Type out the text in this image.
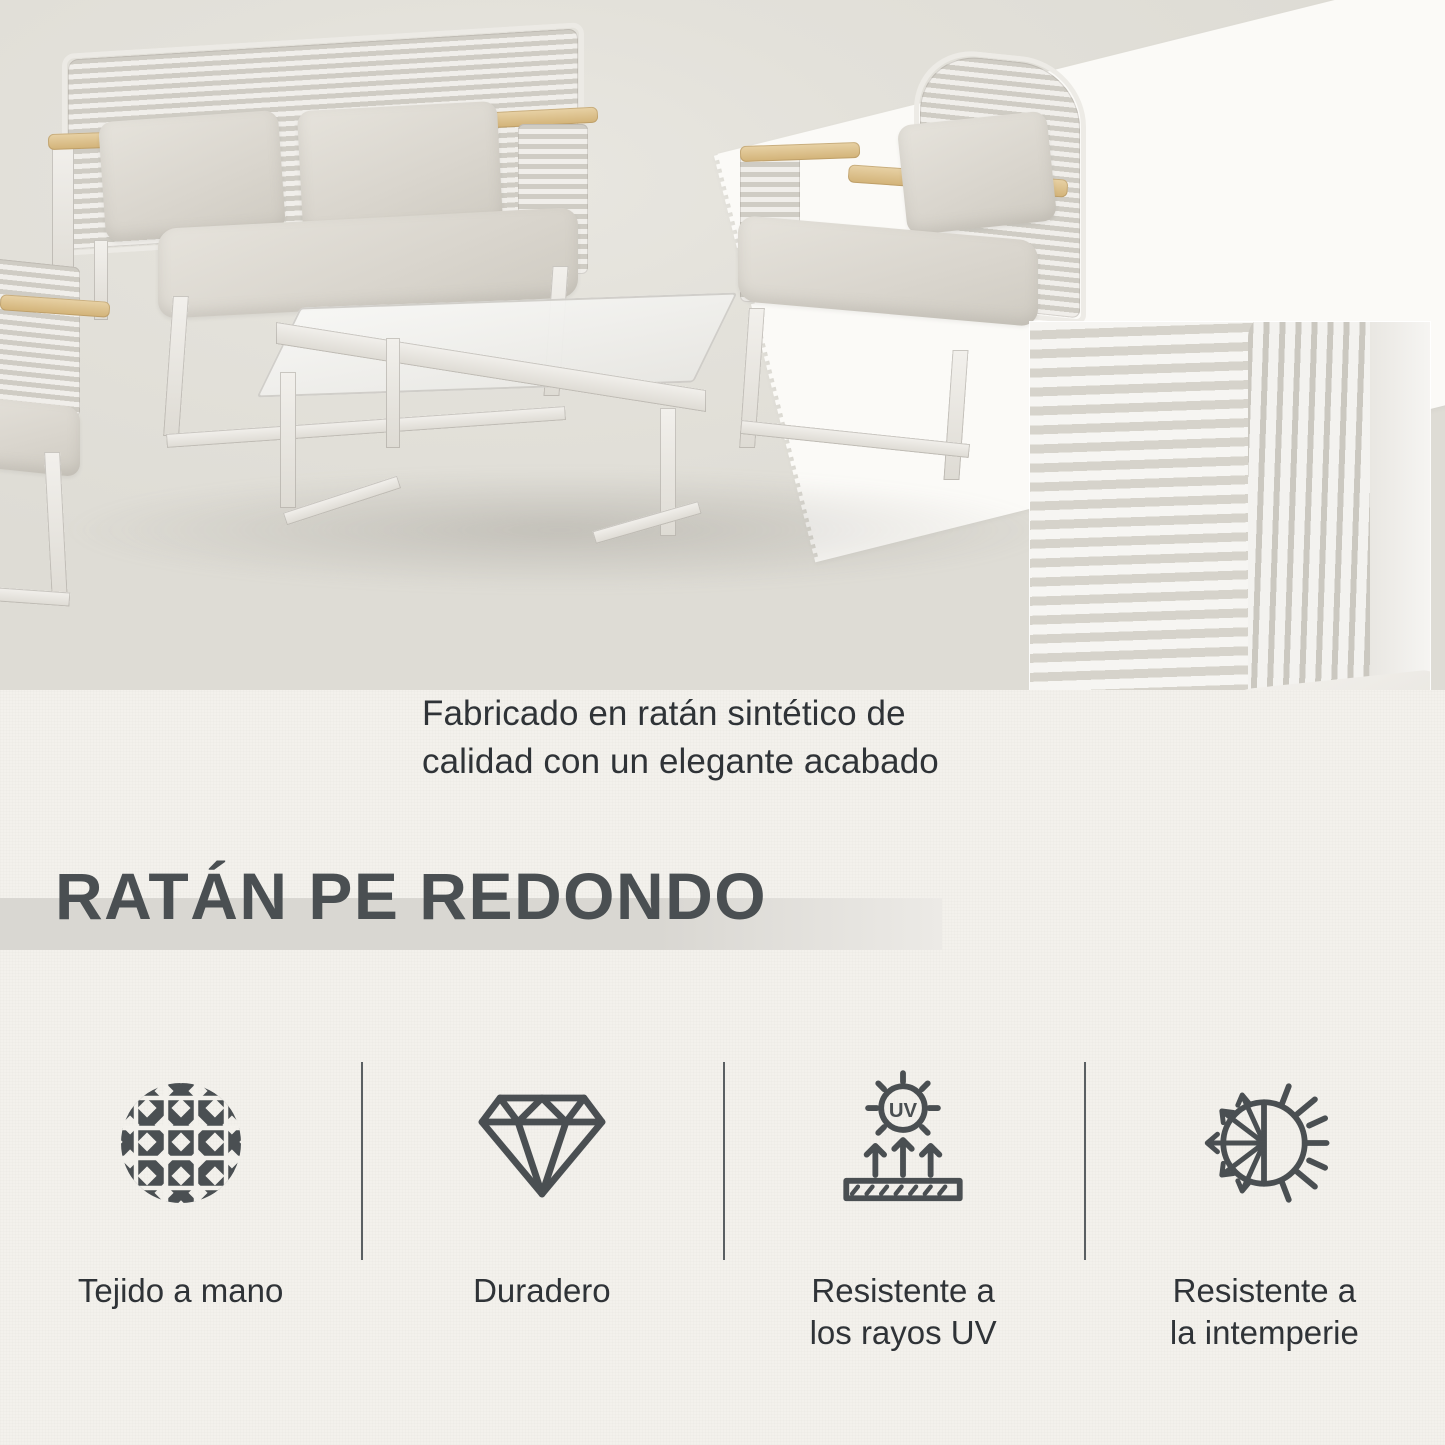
Fabricado en ratán sintético de
calidad con un elegante acabado
RATÁN PE REDONDO
Tejido a mano	Duradero
UV
Resistente a
los rayos UV
Resistente a
la intemperie
